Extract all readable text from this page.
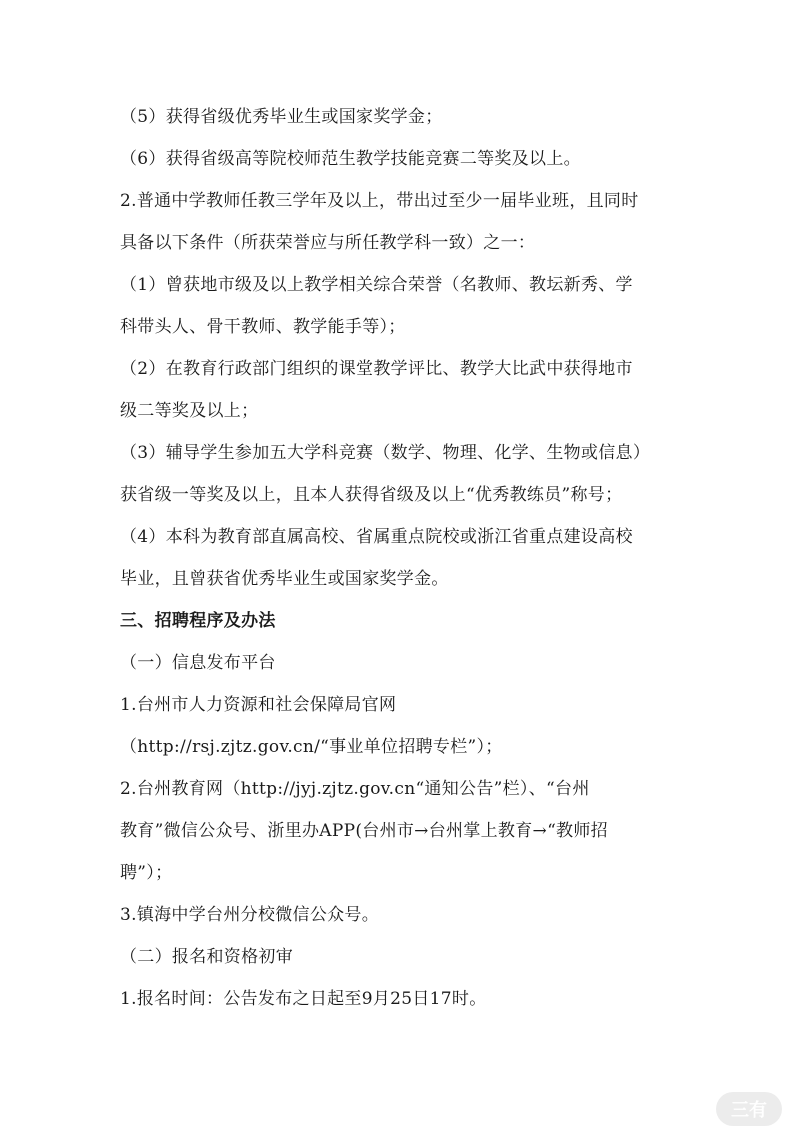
（5）获得省级优秀毕业生或国家奖学金；
（6）获得省级高等院校师范生教学技能竞赛二等奖及以上。
2.普通中学教师任教三学年及以上，带出过至少一届毕业班，且同时
具备以下条件（所获荣誉应与所任教学科一致）之一：
（1）曾获地市级及以上教学相关综合荣誉（名教师、教坛新秀、学
科带头人、骨干教师、教学能手等）；
（2）在教育行政部门组织的课堂教学评比、教学大比武中获得地市
级二等奖及以上；
（3）辅导学生参加五大学科竞赛（数学、物理、化学、生物或信息）
获省级一等奖及以上，且本人获得省级及以上“优秀教练员”称号；
（4）本科为教育部直属高校、省属重点院校或浙江省重点建设高校
毕业，且曾获省优秀毕业生或国家奖学金。
三、招聘程序及办法
（一）信息发布平台
1.台州市人力资源和社会保障局官网
（http://rsj.zjtz.gov.cn/“事业单位招聘专栏”）；
2.台州教育网（http://jyj.zjtz.gov.cn“通知公告”栏）、“台州
教育”微信公众号、浙里办APP(台州市→台州掌上教育→“教师招
聘”）；
3.镇海中学台州分校微信公众号。
（二）报名和资格初审
1.报名时间：公告发布之日起至9月25日17时。
三有
